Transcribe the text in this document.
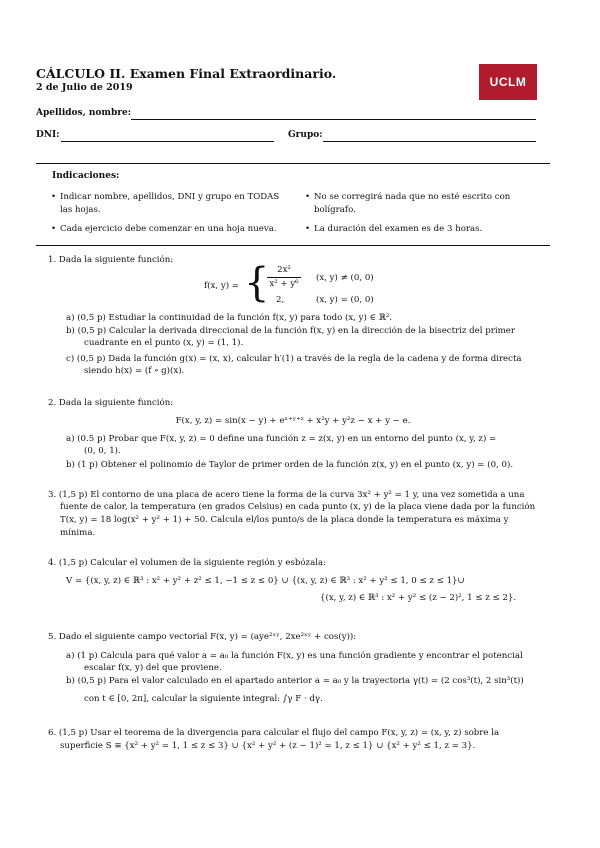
CÁLCULO II. Examen Final Extraordinario.
2 de Julio de 2019	UCLM
Apellidos, nombre:
DNI:	Grupo:
Indicaciones:
• Indicar nombre, apellidos, DNI y grupo en TODAS las hojas.
• No se corregirá nada que no esté escrito con bolígrafo.
• Cada ejercicio debe comenzar en una hoja nueva.	• La duración del examen es de 3 horas.
1. Dada la siguiente función:
f(x, y) = {
$\frac{\text{2x²}}{\text{x² + y⁶}} (x$, y) ≠ (0, 0)
2,	(x, y) = (0, 0)
a) (0,5 p) Estudiar la continuidad de la función f(x, y) para todo (x, y) ∈ ℝ².
b) (0,5 p) Calcular la derivada direccional de la función f(x, y) en la dirección de la bisectriz del primer
cuadrante en el punto (x, y) = (1, 1).
c) (0,5 p) Dada la función g(x) = (x, x), calcular h′(1) a través de la regla de la cadena y de forma directa
siendo h(x) = (f ∘ g)(x).
2. Dada la siguiente función:
F(x, y, z) = sin(x − y) + eˣ⁺ʸ⁺ᶻ + x²y + y²z − x + y − e.
a) (0.5 p) Probar que F(x, y, z) = 0 define una función z = z(x, y) en un entorno del punto (x, y, z) =
(0, 0, 1).
b) (1 p) Obtener el polinomio de Taylor de primer orden de la función z(x, y) en el punto (x, y) = (0, 0).
3. (1,5 p) El contorno de una placa de acero tiene la forma de la curva 3x² + y² = 1 y, una vez sometida a una
fuente de calor, la temperatura (en grados Celsius) en cada punto (x, y) de la placa viene dada por la función
T(x, y) = 18 log(x² + y² + 1) + 50. Calcula el/los punto/s de la placa donde la temperatura es máxima y
mínima.
4. (1,5 p) Calcular el volumen de la siguiente región y esbózala:
V = {(x, y, z) ∈ ℝ³ : x² + y² + z² ≤ 1, −1 ≤ z ≤ 0} ∪ {(x, y, z) ∈ ℝ³ : x² + y² ≤ 1, 0 ≤ z ≤ 1}∪
{(x, y, z) ∈ ℝ³ : x² + y² ≤ (z − 2)², 1 ≤ z ≤ 2}.
5. Dado el siguiente campo vectorial F(x, y) = (aye²ˣʸ, 2xe²ˣʸ + cos(y)):
a) (1 p) Calcula para qué valor a = a₀ la función F(x, y) es una función gradiente y encontrar el potencial
escalar f(x, y) del que proviene.
b) (0,5 p) Para el valor calculado en el apartado anterior a = a₀ y la trayectoria γ(t) = (2 cos³(t), 2 sin³(t))
con t ∈ [0, 2π], calcular la siguiente integral: ∫γ F · dγ.
6. (1,5 p) Usar el teorema de la divergencia para calcular el flujo del campo F(x, y, z) = (x, y, z) sobre la
superficie S ≡ {x² + y² = 1, 1 ≤ z ≤ 3} ∪ {x² + y² + (z − 1)² = 1, z ≤ 1} ∪ {x² + y² ≤ 1, z = 3}.
